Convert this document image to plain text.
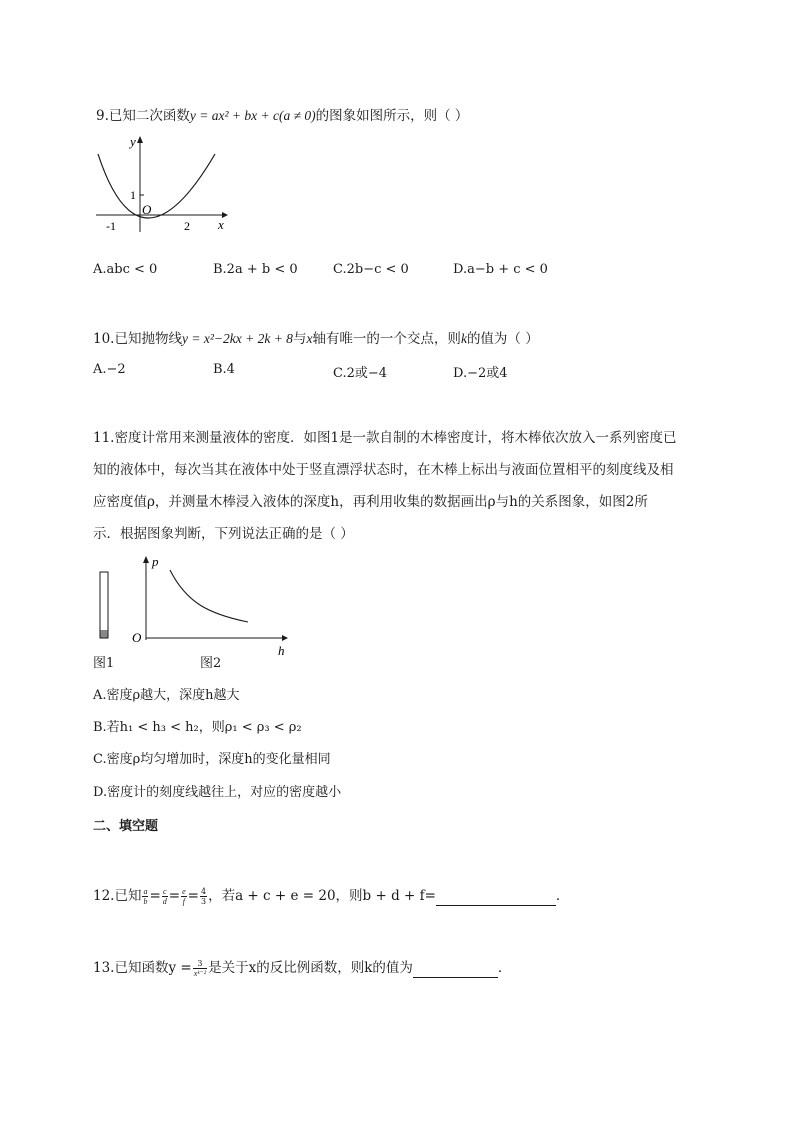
9.已知二次函数y = ax² + bx + c(a ≠ 0)的图象如图所示，则（ ）
y
x
O
1
-1	2
A.abc < 0	B.2a + b < 0	C.2b−c < 0	D.a−b + c < 0
10.已知抛物线y = x²−2kx + 2k + 8与x轴有唯一的一个交点，则k的值为（ ）
A.−2	B.4	C.2或−4	D.−2或4
11.密度计常用来测量液体的密度．如图1是一款自制的木棒密度计，将木棒依次放入一系列密度已
知的液体中，每次当其在液体中处于竖直漂浮状态时，在木棒上标出与液面位置相平的刻度线及相
应密度值ρ，并测量木棒浸入液体的深度h，再利用收集的数据画出ρ与h的关系图象，如图2所
示．根据图象判断，下列说法正确的是（ ）
p
O
h
图1	图2
A.密度ρ越大，深度h越大
B.若h₁ < h₃ < h₂，则ρ₁ < ρ₃ < ρ₂
C.密度ρ均匀增加时，深度h的变化量相同
D.密度计的刻度线越往上，对应的密度越小
二、填空题
12.已知 $\frac{a}{b} = \frac{c}{d} = \frac{e}{f} = \frac{4}{3}$ ，若a + c + e = 20，则b + d + f=	．
13.已知函数$y = \frac{3}{\text{xᵏ⁻²}}$ 是关于x的反比例函数，则k的值为	．
